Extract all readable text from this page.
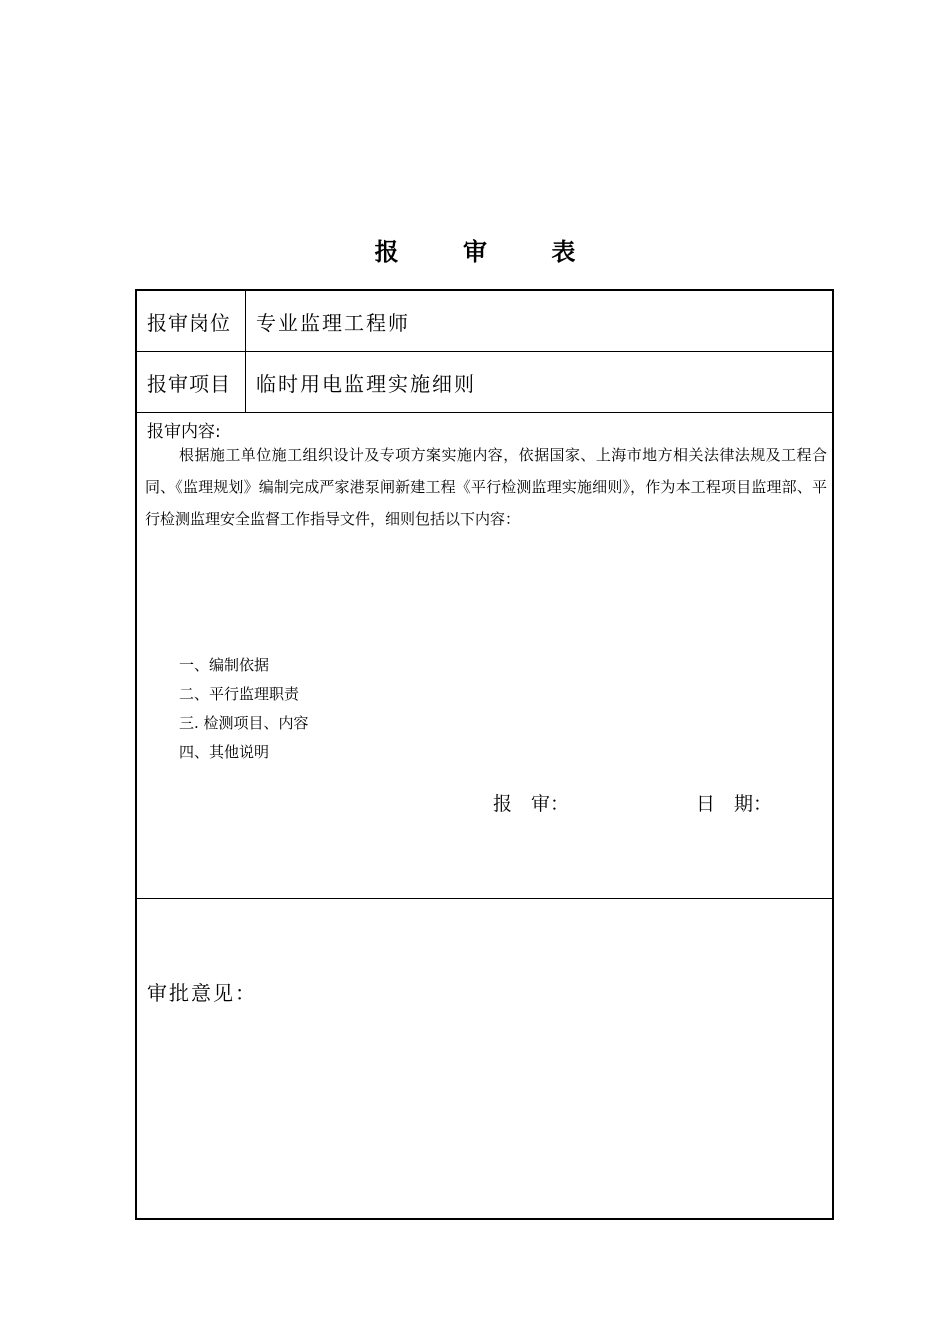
报 审 表
报审岗位	专业监理工程师
报审项目	临时用电监理实施细则
报审内容:
根据施工单位施工组织设计及专项方案实施内容，依据国家、上海市地方相关法律法规及工程合同、《监理规划》编制完成严家港泵闸新建工程《平行检测监理实施细则》，作为本工程项目监理部、平行检测监理安全监督工作指导文件，细则包括以下内容：
一、编制依据
二、平行监理职责
三. 检测项目、内容
四、其他说明
报　审：	日　期：
审批意见：
